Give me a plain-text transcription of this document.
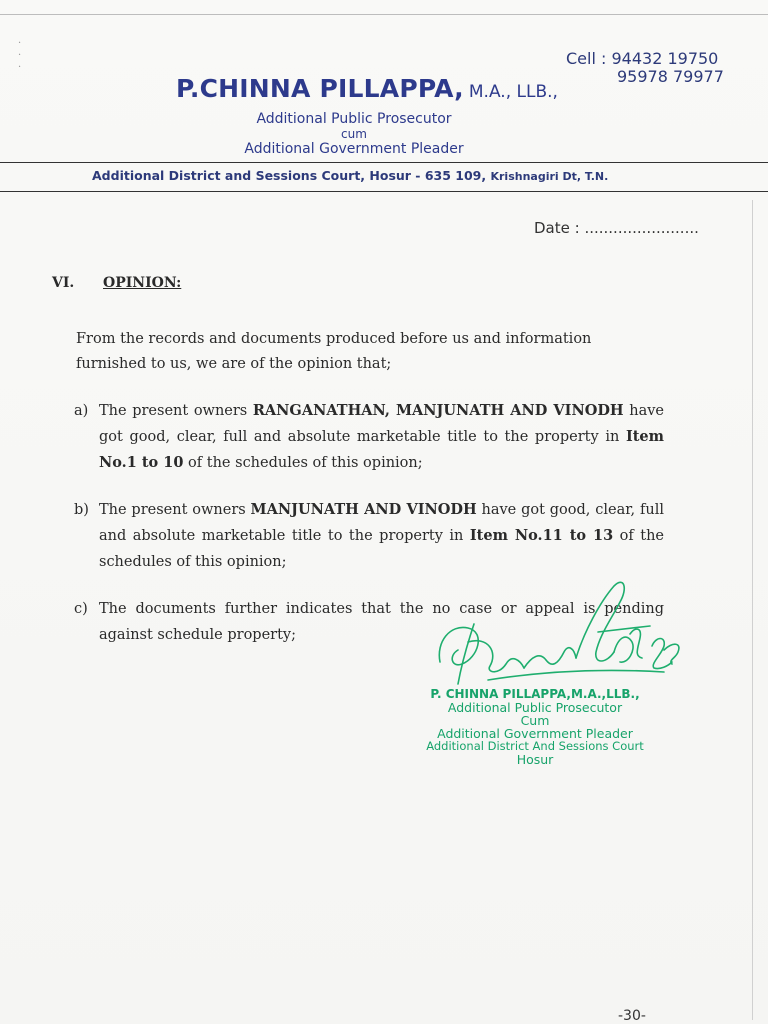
·
·
·	Cell : 94432 19750
95978 79977
P.CHINNA PILLAPPA, M.A., LLB.,
Additional Public Prosecutor
cum
Additional Government Pleader
Additional District and Sessions Court, Hosur - 635 109, Krishnagiri Dt, T.N.
Date : ........................
VI. OPINION:
From the records and documents produced before us and information furnished to us, we are of the opinion that;
a) The present owners RANGANATHAN, MANJUNATH AND VINODH have got good, clear, full and absolute marketable title to the property in Item No.1 to 10 of the schedules of this opinion;
b) The present owners MANJUNATH AND VINODH have got good, clear, full and absolute marketable title to the property in Item No.11 to 13 of the schedules of this opinion;
c) The documents further indicates that the no case or appeal is pending against schedule property;
P. CHINNA PILLAPPA,M.A.,LLB.,
Additional Public Prosecutor
Cum
Additional Government Pleader
Additional District And Sessions Court
Hosur
-30-
